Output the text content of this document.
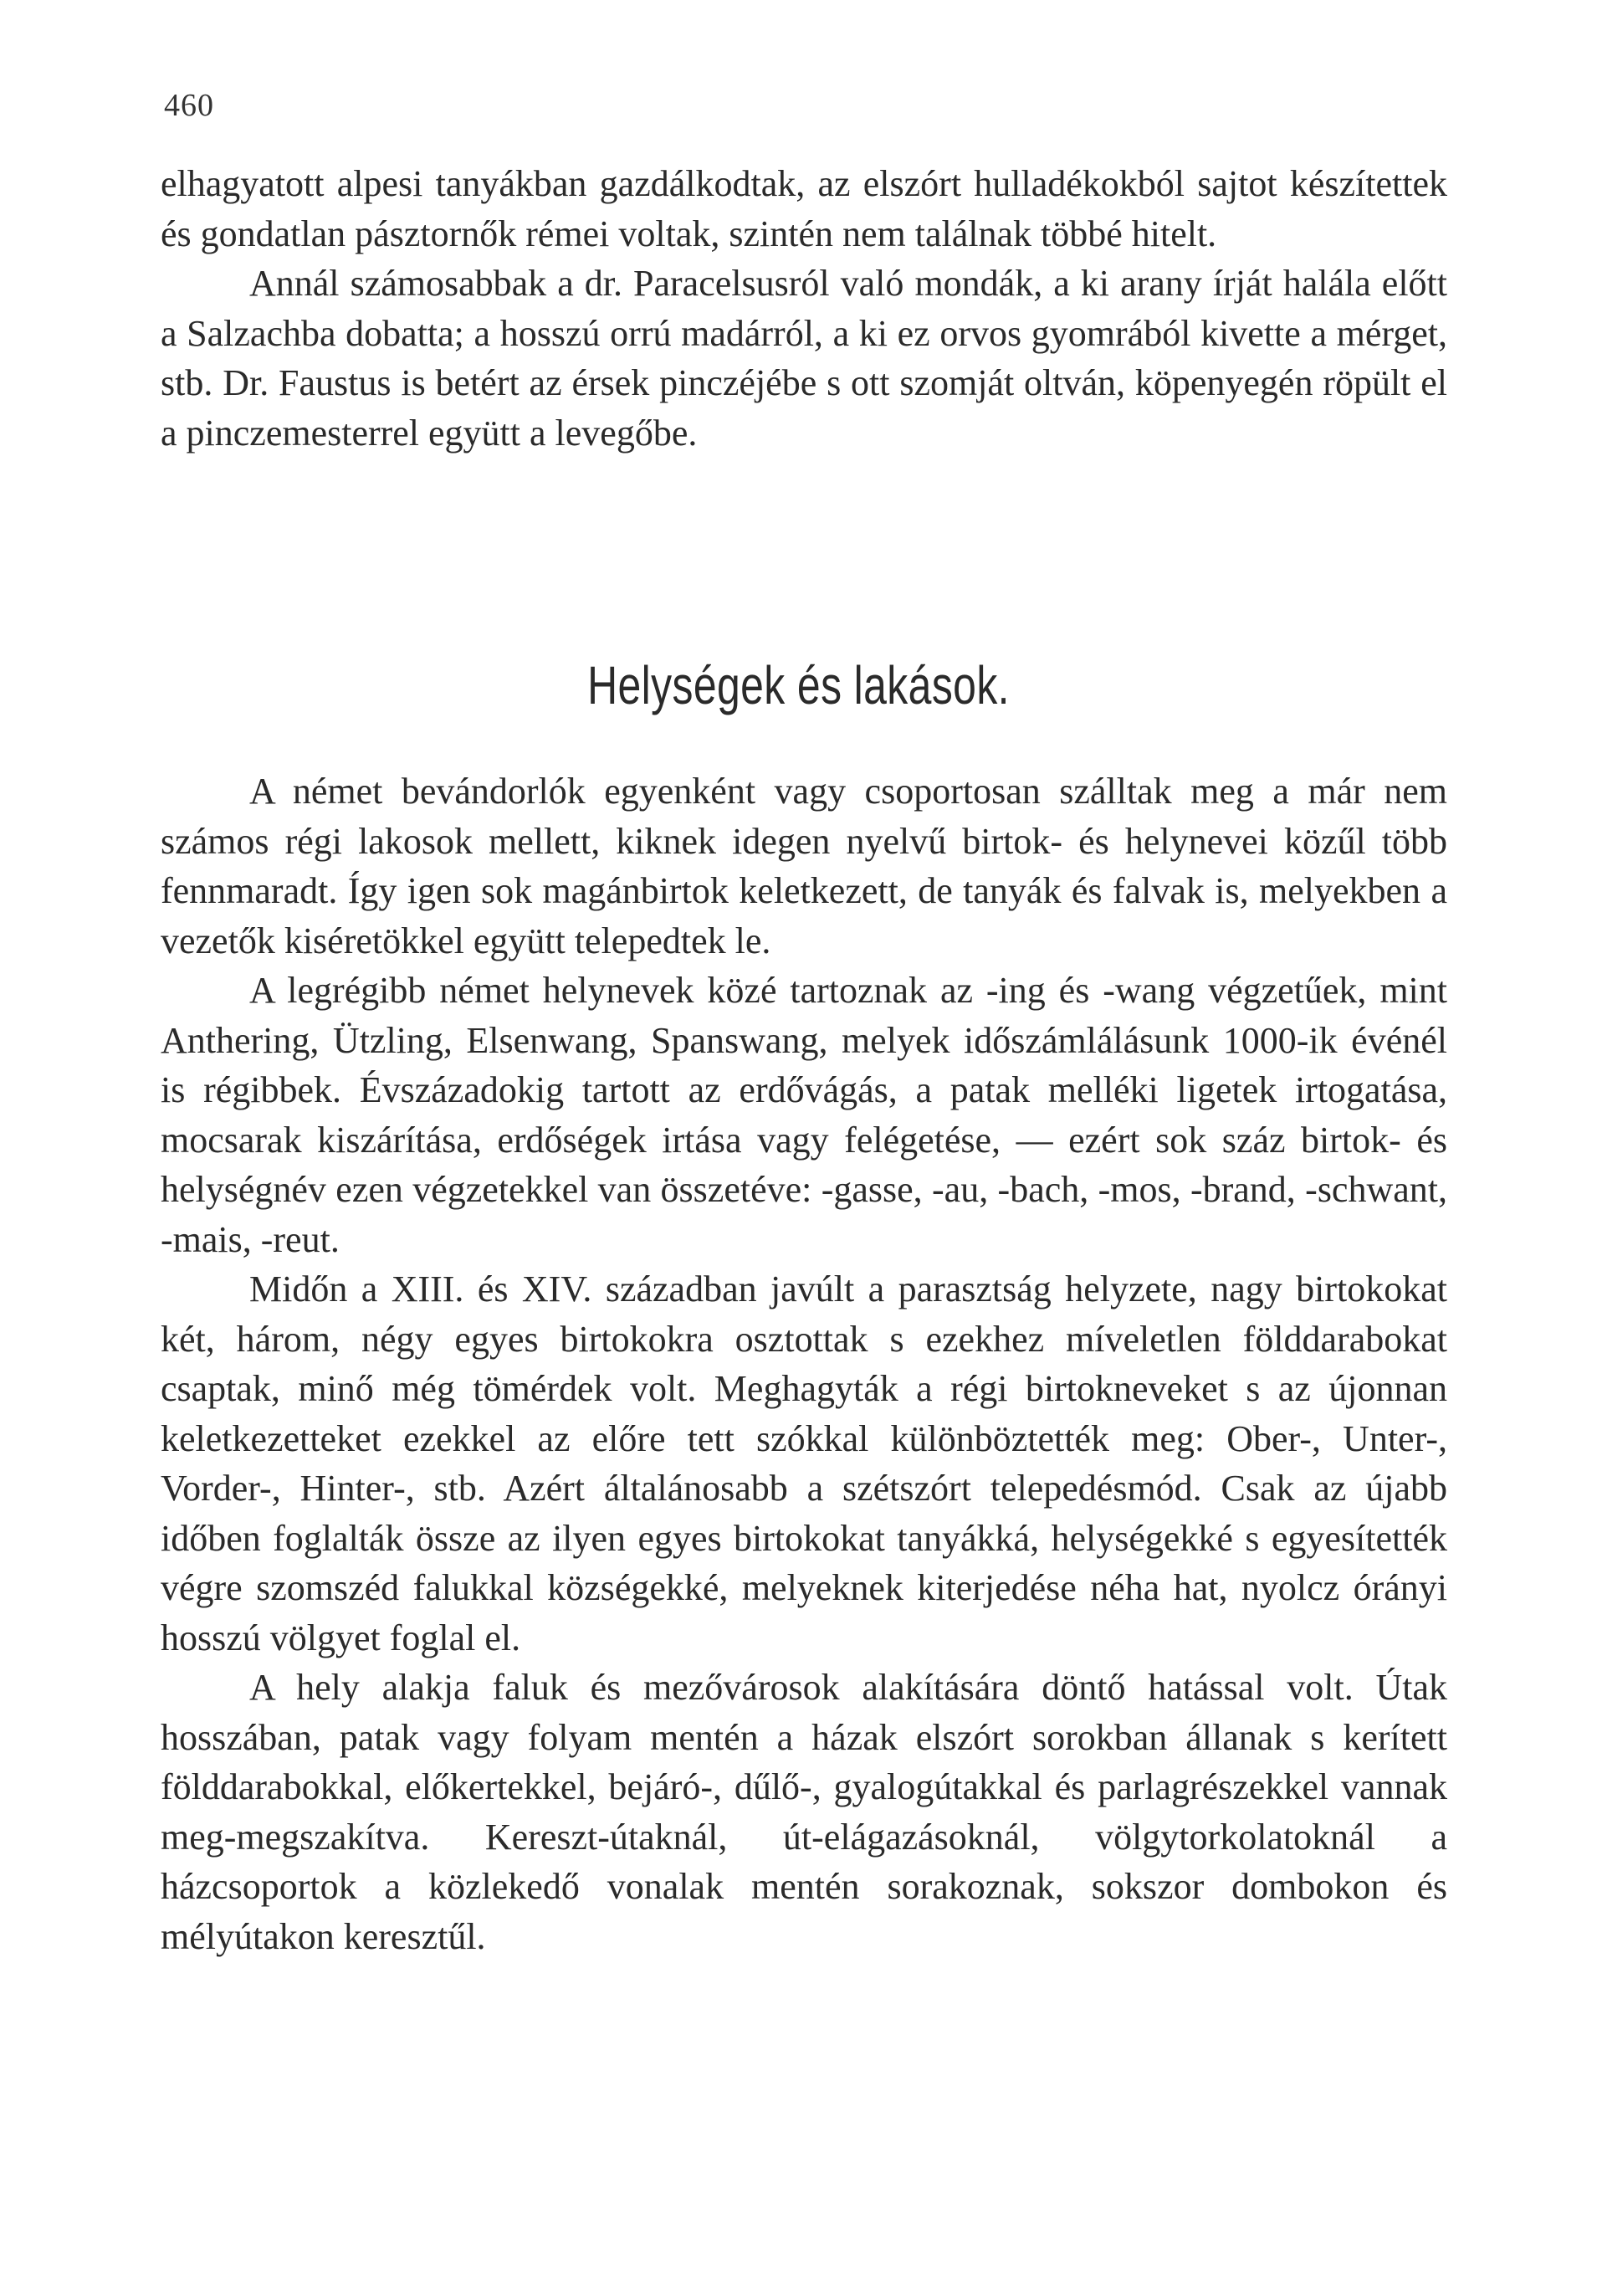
460

elhagyatott alpesi tanyákban gazdálkodtak, az elszórt hulladékokból sajtot készítettek és gondatlan pásztornők rémei voltak, szintén nem találnak többé hitelt.

Annál számosabbak a dr. Paracelsusról való mondák, a ki arany írját halála előtt a Salzachba dobatta; a hosszú orrú madárról, a ki ez orvos gyomrából kivette a mérget, stb. Dr. Faustus is betért az érsek pinczéjébe s ott szomját oltván, köpenyegén röpült el a pinczemesterrel együtt a levegőbe.

Helységek és lakások.

A német bevándorlók egyenként vagy csoportosan szálltak meg a már nem számos régi lakosok mellett, kiknek idegen nyelvű birtok- és helynevei közűl több fennmaradt. Így igen sok magánbirtok keletkezett, de tanyák és falvak is, melyekben a vezetők kiséretökkel együtt telepedtek le.

A legrégibb német helynevek közé tartoznak az -ing és -wang végzetűek, mint Anthering, Ützling, Elsenwang, Spanswang, melyek időszámlálásunk 1000-ik événél is régibbek. Évszázadokig tartott az erdővágás, a patak melléki ligetek irtogatása, mocsarak kiszárítása, erdőségek irtása vagy felégetése, — ezért sok száz birtok- és helységnév ezen végzetekkel van összetéve: -gasse, -au, -bach, -mos, -brand, -schwant, -mais, -reut.

Midőn a XIII. és XIV. században javúlt a parasztság helyzete, nagy birtokokat két, három, négy egyes birtokokra osztottak s ezekhez míveletlen földdarabokat csaptak, minő még tömérdek volt. Meghagyták a régi birtokneveket s az újonnan keletkezetteket ezekkel az előre tett szókkal különböztették meg: Ober-, Unter-, Vorder-, Hinter-, stb. Azért általánosabb a szétszórt telepedésmód. Csak az újabb időben foglalták össze az ilyen egyes birtokokat tanyákká, helységekké s egyesítették végre szomszéd falukkal községekké, melyeknek kiterjedése néha hat, nyolcz órányi hosszú völgyet foglal el.

A hely alakja faluk és mezővárosok alakítására döntő hatással volt. Útak hosszában, patak vagy folyam mentén a házak elszórt sorokban állanak s kerített földdarabokkal, előkertekkel, bejáró-, dűlő-, gyalogútakkal és parlagrészekkel vannak meg-megszakítva. Kereszt-útaknál, út-elágazásoknál, völgytorkolatoknál a házcsoportok a közlekedő vonalak mentén sorakoznak, sokszor dombokon és mélyútakon keresztűl.
